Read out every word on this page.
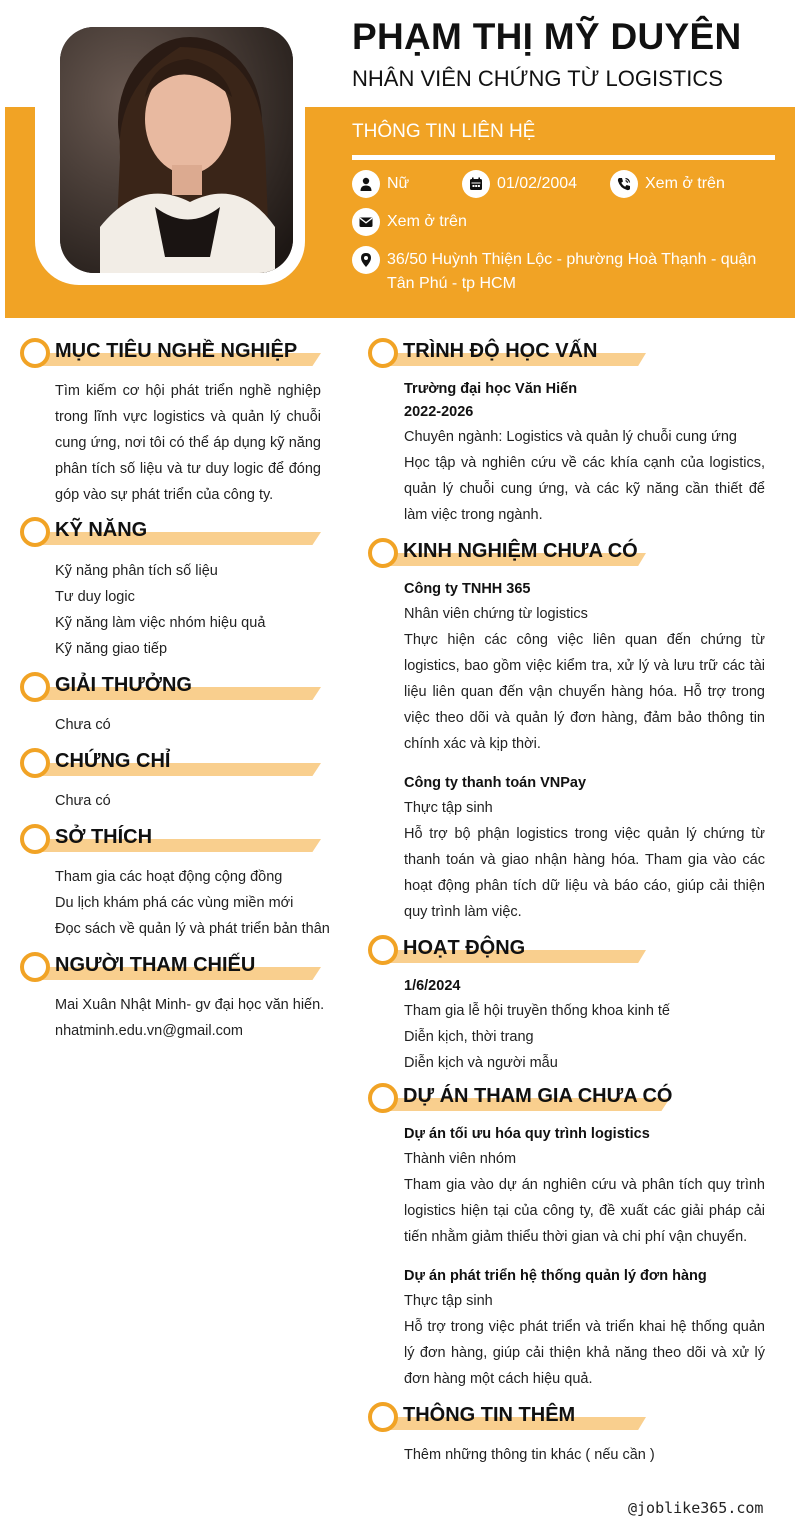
PHẠM THỊ MỸ DUYÊN
NHÂN VIÊN CHỨNG TỪ LOGISTICS
THÔNG TIN LIÊN HỆ
Nữ	01/02/2004	Xem ở trên
Xem ở trên
36/50 Huỳnh Thiện Lộc - phường Hoà Thạnh - quận Tân Phú - tp HCM
MỤC TIÊU NGHỀ NGHIỆP
Tìm kiếm cơ hội phát triển nghề nghiệp trong lĩnh vực logistics và quản lý chuỗi cung ứng, nơi tôi có thể áp dụng kỹ năng phân tích số liệu và tư duy logic để đóng góp vào sự phát triển của công ty.
KỸ NĂNG
Kỹ năng phân tích số liệu
Tư duy logic
Kỹ năng làm việc nhóm hiệu quả
Kỹ năng giao tiếp
GIẢI THƯỞNG
Chưa có
CHỨNG CHỈ
Chưa có
SỞ THÍCH
Tham gia các hoạt động cộng đồng
Du lịch khám phá các vùng miền mới
Đọc sách về quản lý và phát triển bản thân
NGƯỜI THAM CHIẾU
Mai Xuân Nhật Minh- gv đại học văn hiến.
nhatminh.edu.vn@gmail.com
TRÌNH ĐỘ HỌC VẤN
Trường đại học Văn Hiến
2022-2026
Chuyên ngành: Logistics và quản lý chuỗi cung ứng
Học tập và nghiên cứu về các khía cạnh của logistics, quản lý chuỗi cung ứng, và các kỹ năng cần thiết để làm việc trong ngành.
KINH NGHIỆM CHƯA CÓ
Công ty TNHH 365
Nhân viên chứng từ logistics
Thực hiện các công việc liên quan đến chứng từ logistics, bao gồm việc kiểm tra, xử lý và lưu trữ các tài liệu liên quan đến vận chuyển hàng hóa. Hỗ trợ trong việc theo dõi và quản lý đơn hàng, đảm bảo thông tin chính xác và kịp thời.
Công ty thanh toán VNPay
Thực tập sinh
Hỗ trợ bộ phận logistics trong việc quản lý chứng từ thanh toán và giao nhận hàng hóa. Tham gia vào các hoạt động phân tích dữ liệu và báo cáo, giúp cải thiện quy trình làm việc.
HOẠT ĐỘNG
1/6/2024
Tham gia lễ hội truyền thống khoa kinh tế
Diễn kịch, thời trang
Diễn kịch và người mẫu
DỰ ÁN THAM GIA CHƯA CÓ
Dự án tối ưu hóa quy trình logistics
Thành viên nhóm
Tham gia vào dự án nghiên cứu và phân tích quy trình logistics hiện tại của công ty, đề xuất các giải pháp cải tiến nhằm giảm thiểu thời gian và chi phí vận chuyển.
Dự án phát triển hệ thống quản lý đơn hàng
Thực tập sinh
Hỗ trợ trong việc phát triển và triển khai hệ thống quản lý đơn hàng, giúp cải thiện khả năng theo dõi và xử lý đơn hàng một cách hiệu quả.
THÔNG TIN THÊM
Thêm những thông tin khác ( nếu cần )
@joblike365.com
